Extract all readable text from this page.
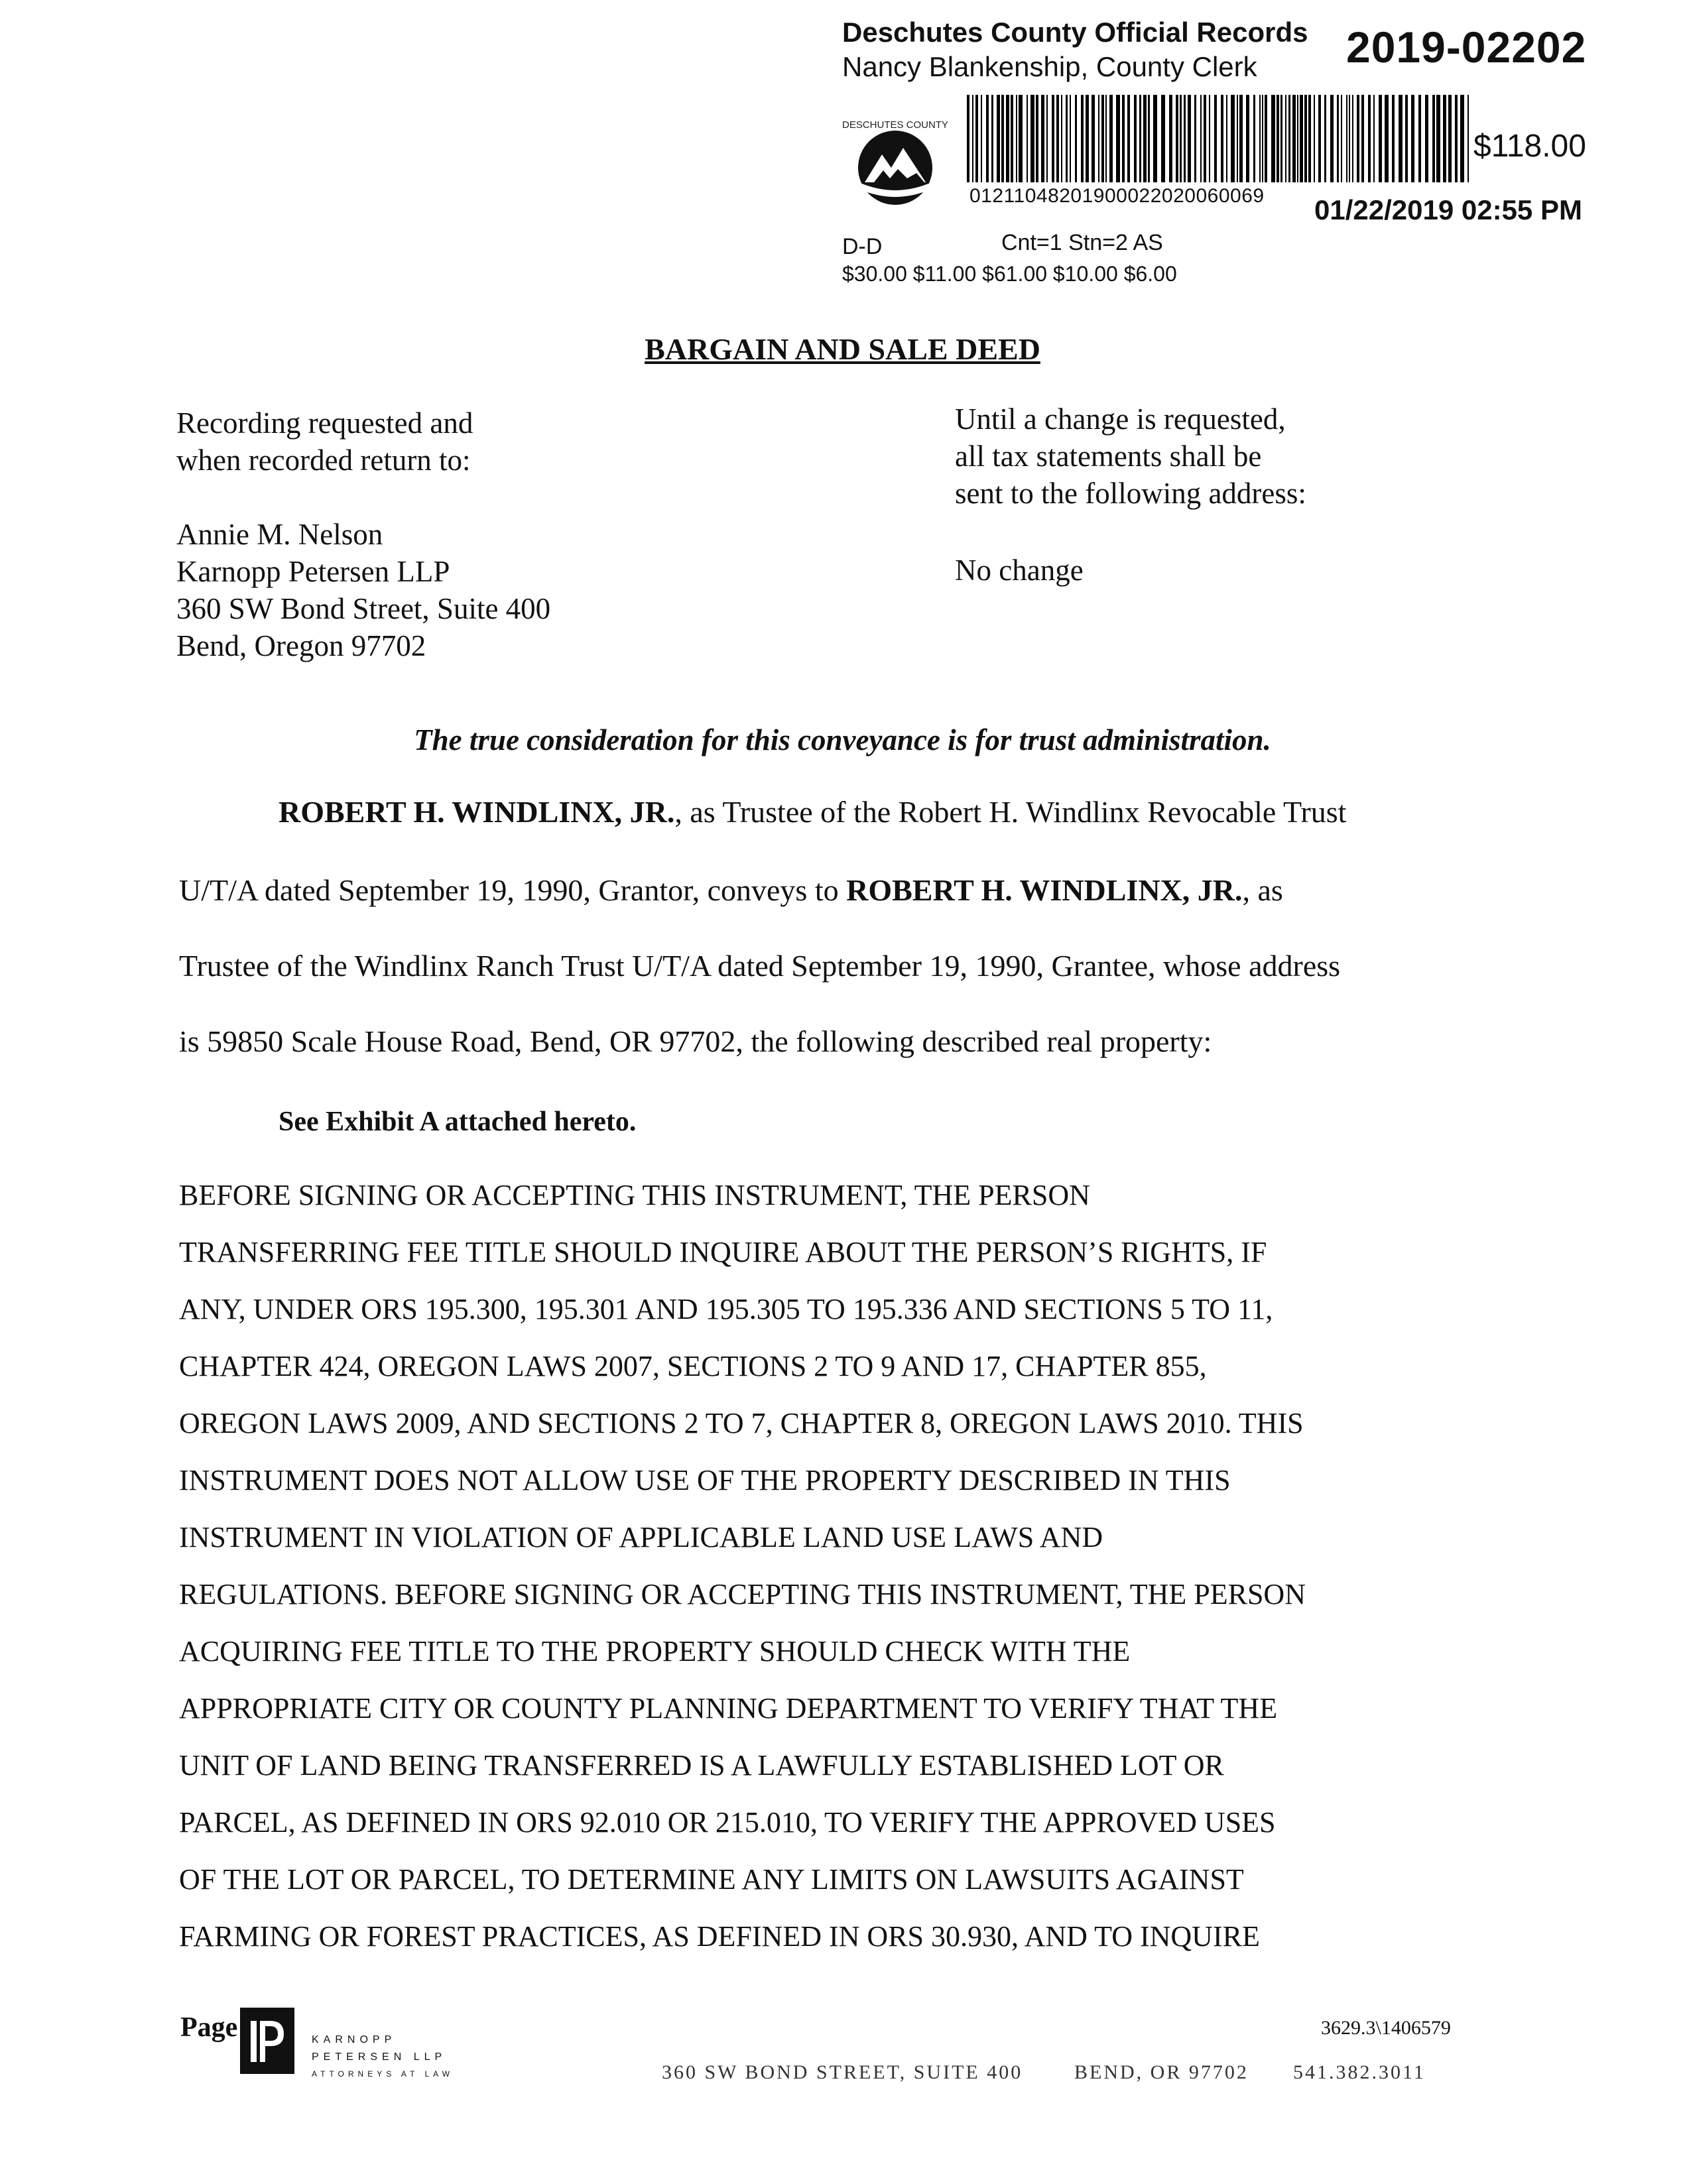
Deschutes County Official Records
Nancy Blankenship, County Clerk 2019-02202
DESCHUTES COUNTY
$118.00
01211048201900022020060069 01/22/2019 02:55 PM
D-D	Cnt=1 Stn=2 AS
$30.00 $11.00 $61.00 $10.00 $6.00
BARGAIN AND SALE DEED
Recording requested and
when recorded return to:
Annie M. Nelson
Karnopp Petersen LLP
360 SW Bond Street, Suite 400
Bend, Oregon 97702
Until a change is requested,
all tax statements shall be
sent to the following address:
No change
The true consideration for this conveyance is for trust administration.
ROBERT H. WINDLINX, JR., as Trustee of the Robert H. Windlinx Revocable Trust
U/T/A dated September 19, 1990, Grantor, conveys to ROBERT H. WINDLINX, JR., as
Trustee of the Windlinx Ranch Trust U/T/A dated September 19, 1990, Grantee, whose address
is 59850 Scale House Road, Bend, OR 97702, the following described real property:
See Exhibit A attached hereto.
BEFORE SIGNING OR ACCEPTING THIS INSTRUMENT, THE PERSON
TRANSFERRING FEE TITLE SHOULD INQUIRE ABOUT THE PERSON’S RIGHTS, IF
ANY, UNDER ORS 195.300, 195.301 AND 195.305 TO 195.336 AND SECTIONS 5 TO 11,
CHAPTER 424, OREGON LAWS 2007, SECTIONS 2 TO 9 AND 17, CHAPTER 855,
OREGON LAWS 2009, AND SECTIONS 2 TO 7, CHAPTER 8, OREGON LAWS 2010. THIS
INSTRUMENT DOES NOT ALLOW USE OF THE PROPERTY DESCRIBED IN THIS
INSTRUMENT IN VIOLATION OF APPLICABLE LAND USE LAWS AND
REGULATIONS. BEFORE SIGNING OR ACCEPTING THIS INSTRUMENT, THE PERSON
ACQUIRING FEE TITLE TO THE PROPERTY SHOULD CHECK WITH THE
APPROPRIATE CITY OR COUNTY PLANNING DEPARTMENT TO VERIFY THAT THE
UNIT OF LAND BEING TRANSFERRED IS A LAWFULLY ESTABLISHED LOT OR
PARCEL, AS DEFINED IN ORS 92.010 OR 215.010, TO VERIFY THE APPROVED USES
OF THE LOT OR PARCEL, TO DETERMINE ANY LIMITS ON LAWSUITS AGAINST
FARMING OR FOREST PRACTICES, AS DEFINED IN ORS 30.930, AND TO INQUIRE
Page	KARNOPP
PETERSEN LLP
ATTORNEYS AT LAW
3629.3\1406579
360 SW BOND STREET, SUITE 400	BEND, OR 97702 541.382.3011
